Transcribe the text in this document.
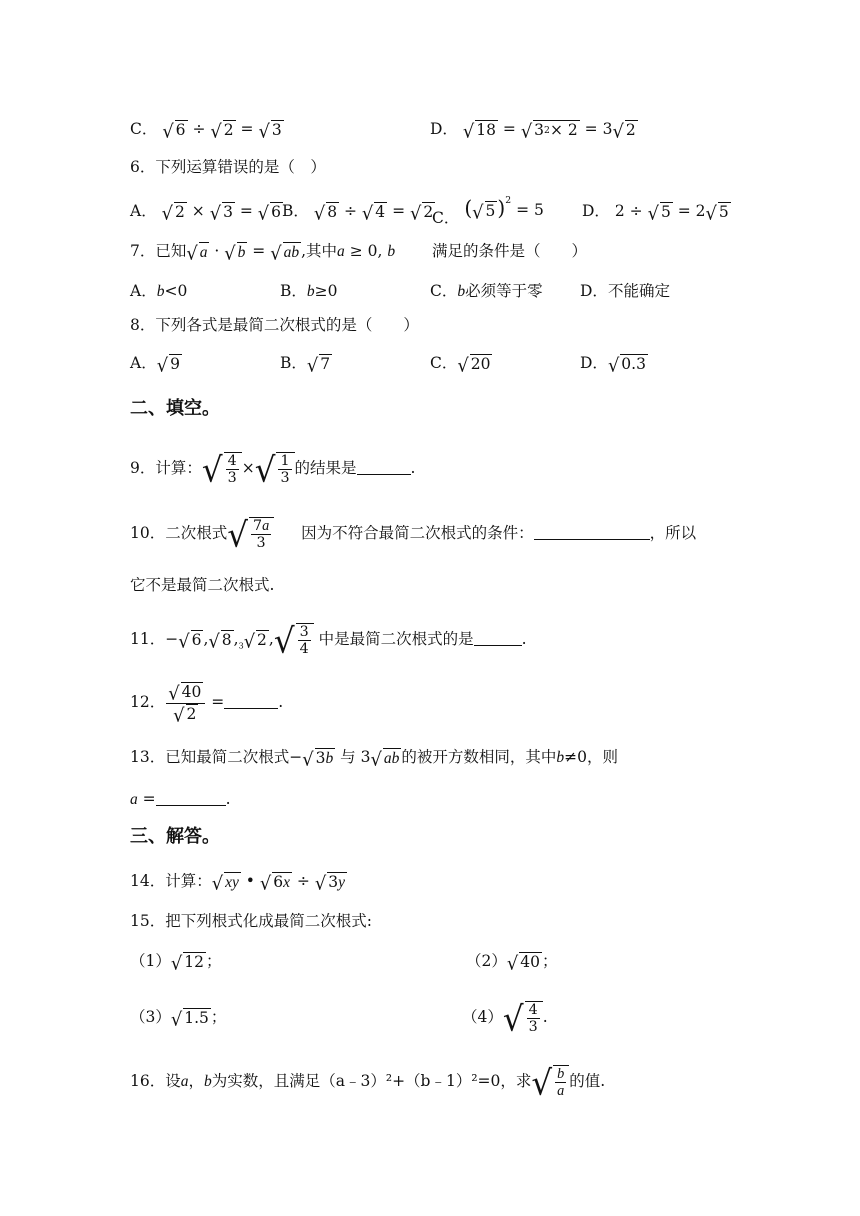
C． √ 6 ÷ √ 2 = √ 3	D． √ 18 = √ 3 2 × 2 = 3 √ 2
6．下列运算错误的是（　）
A． √ 2 × √ 3 = √ 6 B． √ 8 ÷ √ 4 = √ 2
C． ( √ 5 )$^2$ = 5 D． 2 ÷ √ 5 = 2 √ 5
7．已知 √ a · √ b = √ ab ,其中a ≥ 0, b 满足的条件是（　　）
A．b<0	B．b≥0	C．b必须等于零 D．不能确定
8．下列各式是最简二次根式的是（　　）
A． √ 9	B． √ 7	C． √ 20	D． √ 0.3
二、填空。
9．计算： √ $\frac{4}{3}$ × √ $\frac{1}{3}$ 的结果是	.
10．二次根式 √ $\frac{7a}{3}$ 因为不符合最简二次根式的条件：	，所以
它不是最简二次根式.
11．− √ 6 , √ 8 , 3 √ 2 , √ $\frac{3}{4}$ 中是最简二次根式的是	.
12． $\frac{√ 40}{√ 2}$ =	.
13．已知最简二次根式− √ 3 b 与 3 √ ab 的被开方数相同，其中b≠0，则
a =	.
三、解答。
14．计算： √ xy • √ 6 x ÷ √ 3 y
15．把下列根式化成最简二次根式:
（1） √ 12 ；	（2） √ 40 ；
（3） √ 1.5 ；	（4） √ $\frac{4}{3}$ .
16．设a，b为实数，且满足（a﹣3）²+（b﹣1）²=0，求 √ $\frac{b}{a}$ 的值.
